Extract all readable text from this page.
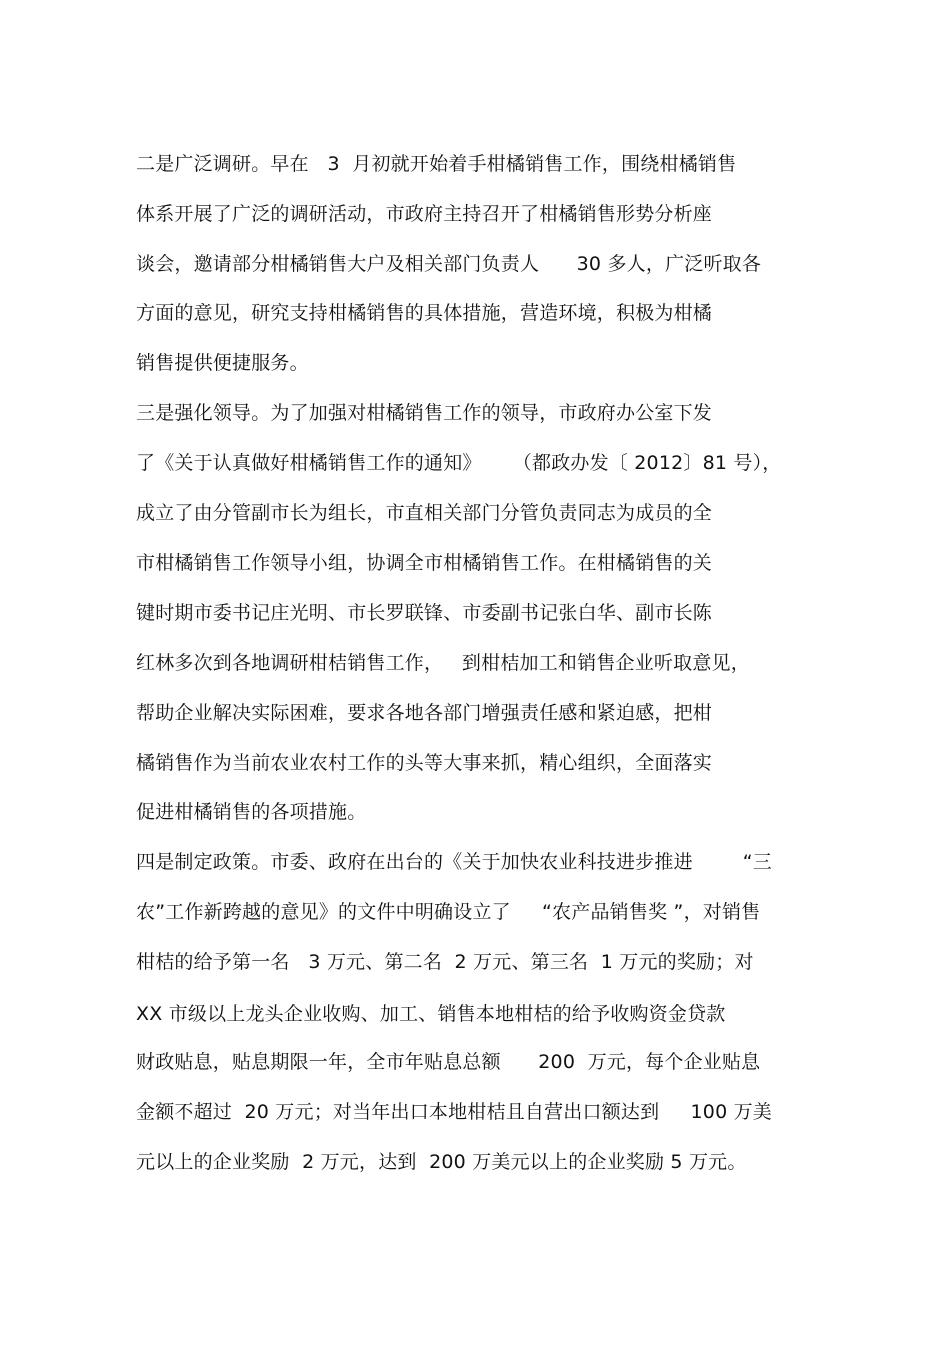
二是广泛调研。早在   3  月初就开始着手柑橘销售工作，围绕柑橘销售
体系开展了广泛的调研活动，市政府主持召开了柑橘销售形势分析座
谈会，邀请部分柑橘销售大户及相关部门负责人      30 多人，广泛听取各
方面的意见，研究支持柑橘销售的具体措施，营造环境，积极为柑橘
销售提供便捷服务。
三是强化领导。为了加强对柑橘销售工作的领导，市政府办公室下发
了《关于认真做好柑橘销售工作的通知》     （都政办发〔 2012〕81 号），
成立了由分管副市长为组长，市直相关部门分管负责同志为成员的全
市柑橘销售工作领导小组，协调全市柑橘销售工作。在柑橘销售的关
键时期市委书记庄光明、市长罗联锋、市委副书记张白华、副市长陈
红林多次到各地调研柑桔销售工作，   到柑桔加工和销售企业听取意见，
帮助企业解决实际困难，要求各地各部门增强责任感和紧迫感，把柑
橘销售作为当前农业农村工作的头等大事来抓，精心组织，全面落实
促进柑橘销售的各项措施。
四是制定政策。市委、政府在出台的《关于加快农业科技进步推进        “三
农”工作新跨越的意见》的文件中明确设立了     “农产品销售奖 ”，对销售
柑桔的给予第一名   3 万元、第二名  2 万元、第三名  1 万元的奖励；对
XX 市级以上龙头企业收购、加工、销售本地柑桔的给予收购资金贷款
财政贴息，贴息期限一年，全市年贴息总额      200  万元，每个企业贴息
金额不超过  20 万元；对当年出口本地柑桔且自营出口额达到     100 万美
元以上的企业奖励  2 万元，达到  200 万美元以上的企业奖励 5 万元。
